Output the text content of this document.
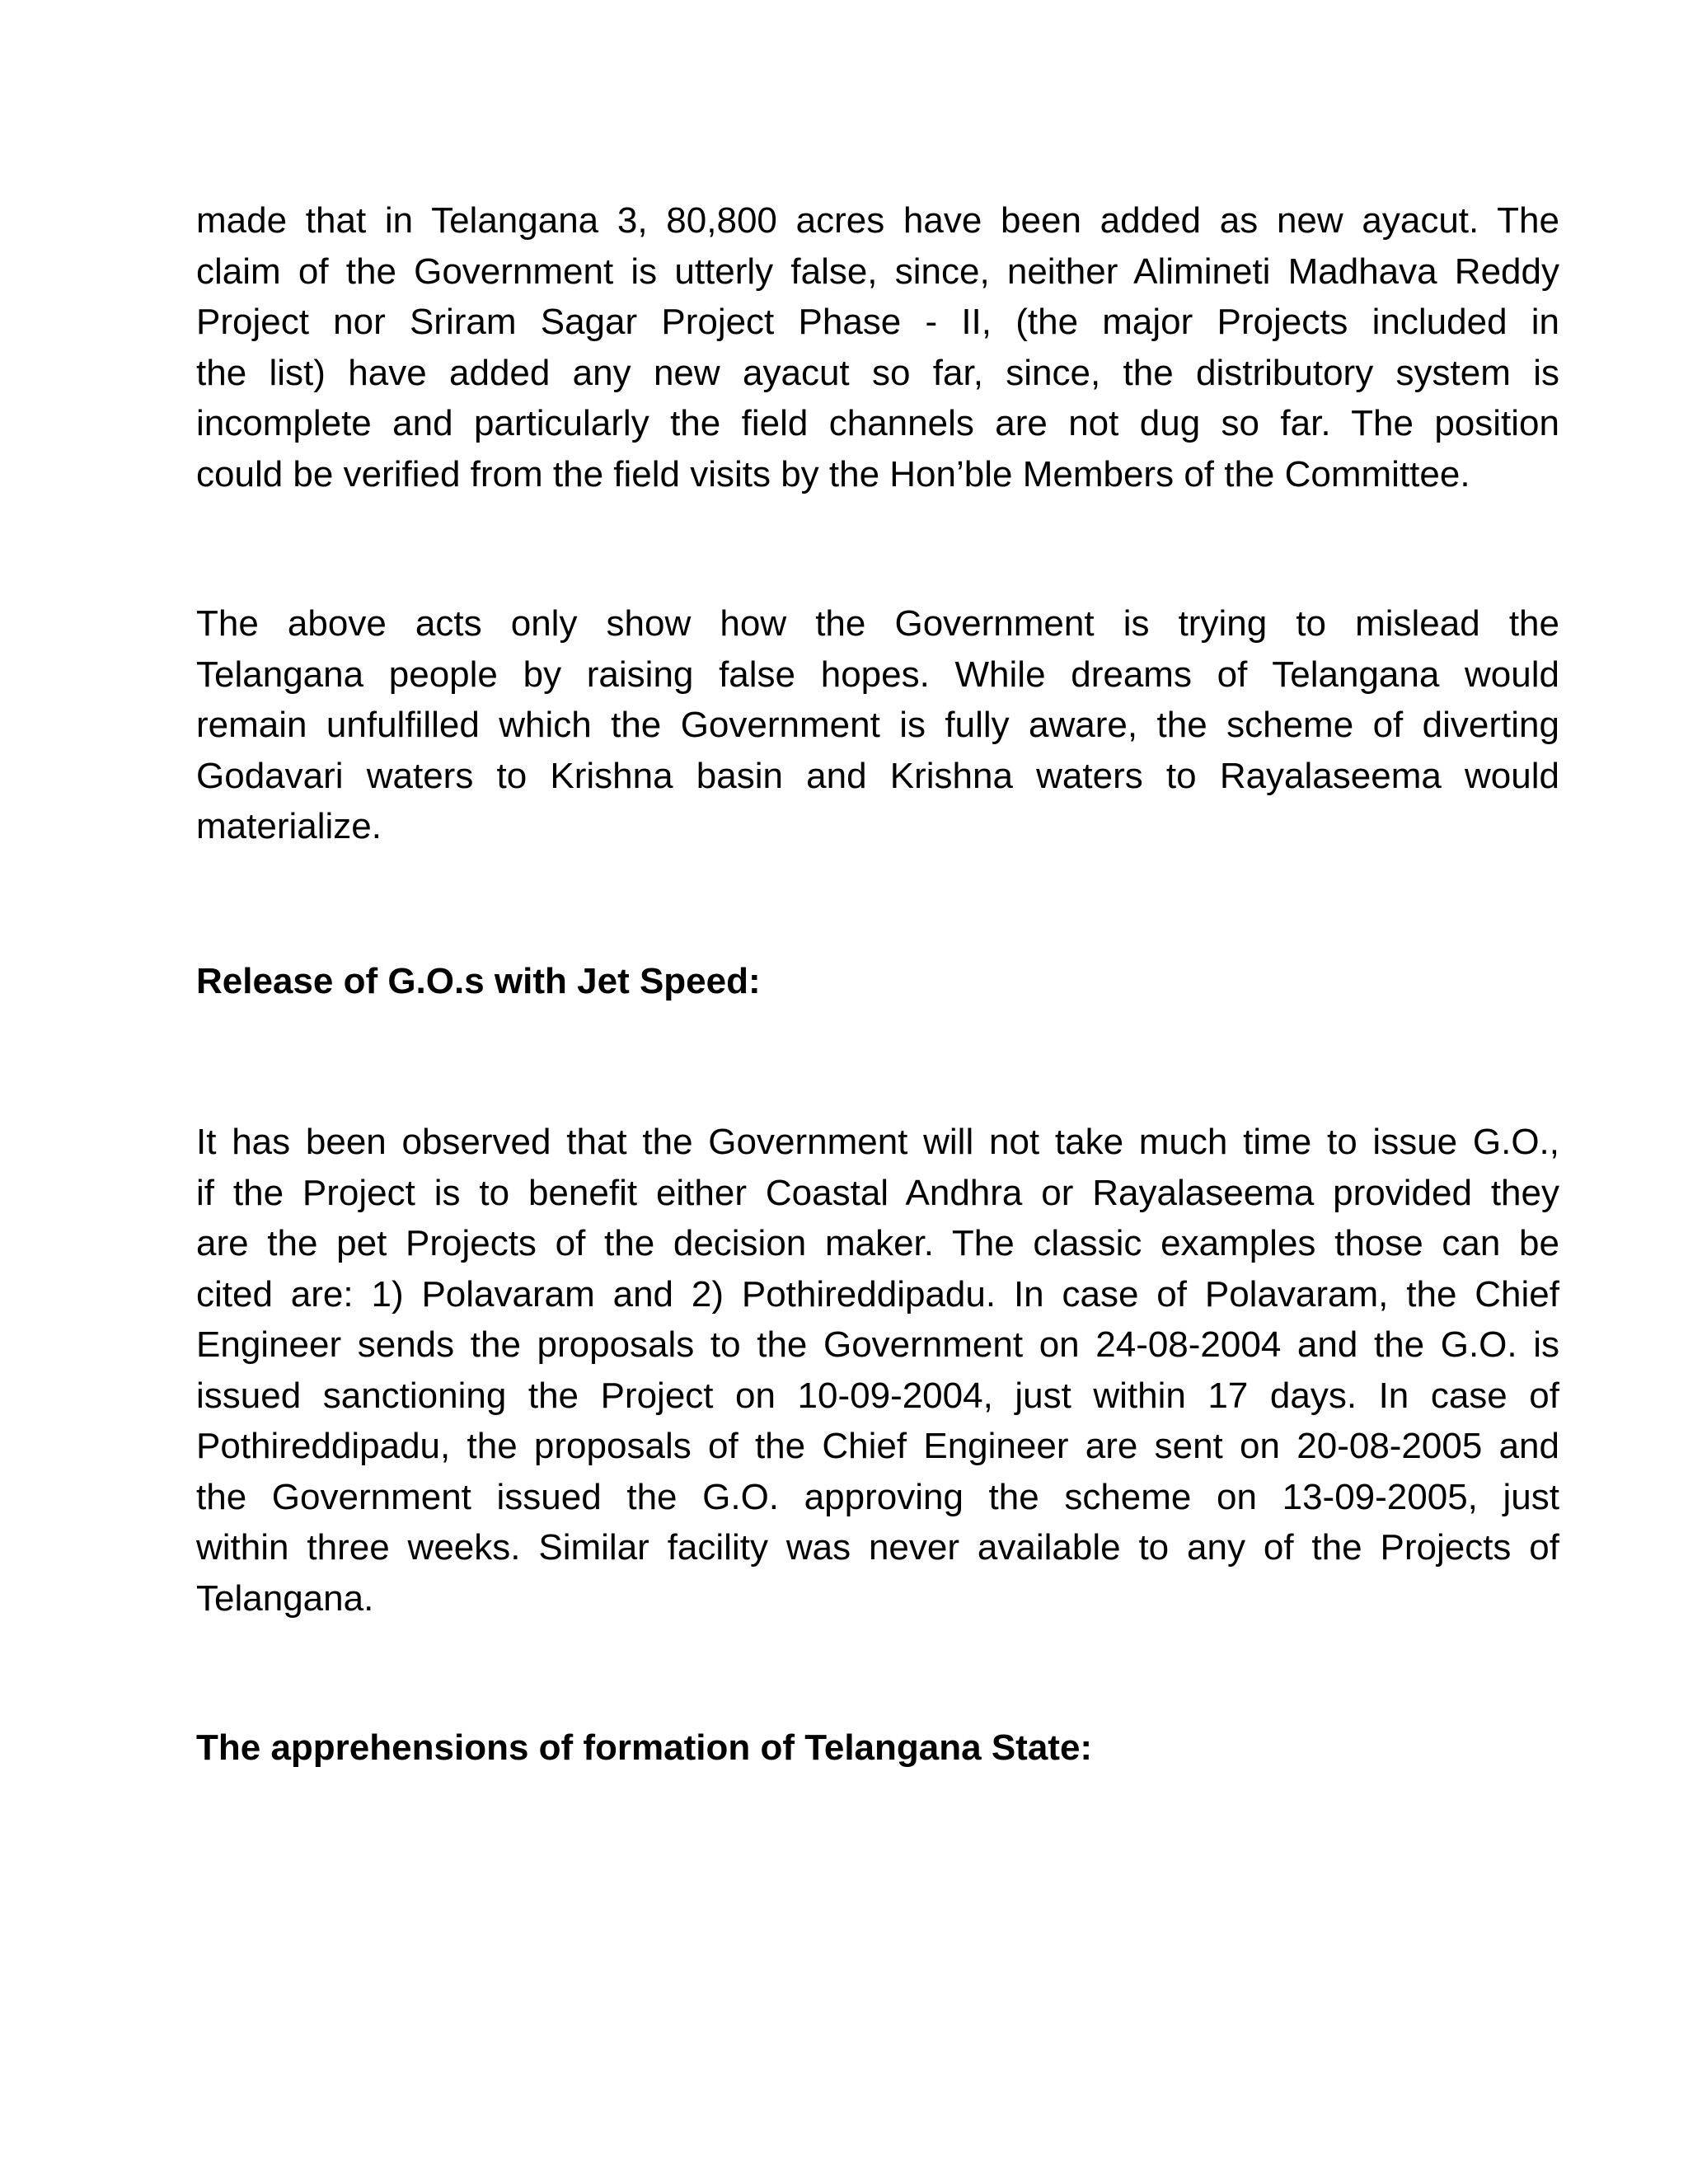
made that in Telangana 3, 80,800 acres have been added as new ayacut. The
claim of the Government is utterly false, since, neither Alimineti Madhava Reddy
Project nor Sriram Sagar Project Phase - II, (the major Projects included in
the list) have added any new ayacut so far, since, the distributory system is
incomplete and particularly the field channels are not dug so far. The position
could be verified from the field visits by the Hon’ble Members of the Committee.
The above acts only show how the Government is trying to mislead the
Telangana people by raising false hopes. While dreams of Telangana would
remain unfulfilled which the Government is fully aware, the scheme of diverting
Godavari waters to Krishna basin and Krishna waters to Rayalaseema would
materialize.
Release of G.O.s with Jet Speed:
It has been observed that the Government will not take much time to issue G.O.,
if the Project is to benefit either Coastal Andhra or Rayalaseema provided they
are the pet Projects of the decision maker. The classic examples those can be
cited are: 1) Polavaram and 2) Pothireddipadu. In case of Polavaram, the Chief
Engineer sends the proposals to the Government on 24-08-2004 and the G.O. is
issued sanctioning the Project on 10-09-2004, just within 17 days. In case of
Pothireddipadu, the proposals of the Chief Engineer are sent on 20-08-2005 and
the Government issued the G.O. approving the scheme on 13-09-2005, just
within three weeks. Similar facility was never available to any of the Projects of
Telangana.
The apprehensions of formation of Telangana State:
